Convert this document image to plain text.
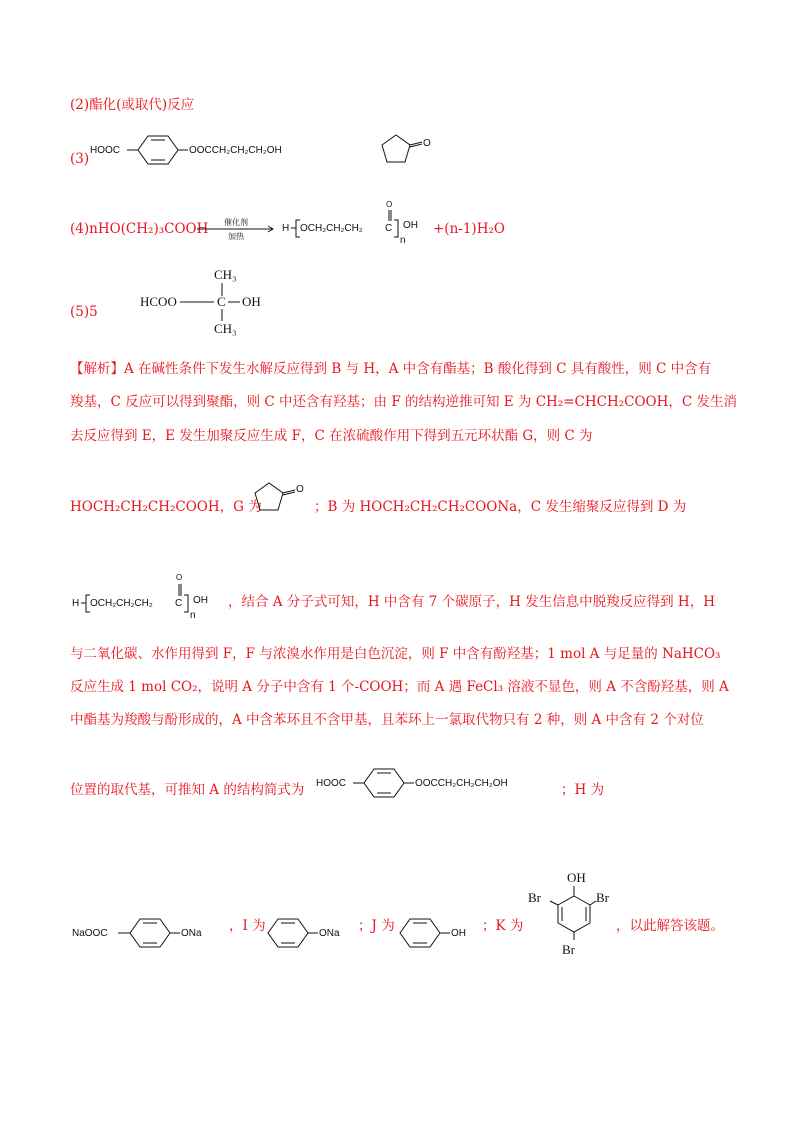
(2)酯化(或取代)反应
(3)
HOOC	OOCCH₂CH₂CH₂OH
O
(4)nHO(CH₂)₃COOH 催化剂
加热
H OCH₂CH₂CH₂ C
O
n
OH +(n-1)H₂O
(5)5
CH₃
HCOO	C OH
CH₃
【解析】A 在碱性条件下发生水解反应得到 B 与 H，A 中含有酯基；B 酸化得到 C 具有酸性，则 C 中含有
羧基，C 反应可以得到聚酯，则 C 中还含有羟基；由 F 的结构逆推可知 E 为 CH₂=CHCH₂COOH，C 发生消
去反应得到 E，E 发生加聚反应生成 F，C 在浓硫酸作用下得到五元环状酯 G，则 C 为
HOCH₂CH₂CH₂COOH，G 为
O
；B 为 HOCH₂CH₂CH₂COONa，C 发生缩聚反应得到 D 为
H OCH₂CH₂CH₂ C
O
n
OH ，结合 A 分子式可知，H 中含有 7 个碳原子，H 发生信息中脱羧反应得到 H，H
与二氧化碳、水作用得到 F，F 与浓溴水作用是白色沉淀，则 F 中含有酚羟基；1 mol A 与足量的 NaHCO₃
反应生成 1 mol CO₂，说明 A 分子中含有 1 个-COOH；而 A 遇 FeCl₃ 溶液不显色，则 A 不含酚羟基，则 A
中酯基为羧酸与酚形成的，A 中含苯环且不含甲基，且苯环上一氯取代物只有 2 种，则 A 中含有 2 个对位
位置的取代基，可推知 A 的结构简式为 HOOC	OOCCH₂CH₂CH₂OH	；H 为
NaOOC	ONa ，I 为	ONa ；J 为	OH ；K 为
OH
Br	Br
Br
，以此解答该题。
